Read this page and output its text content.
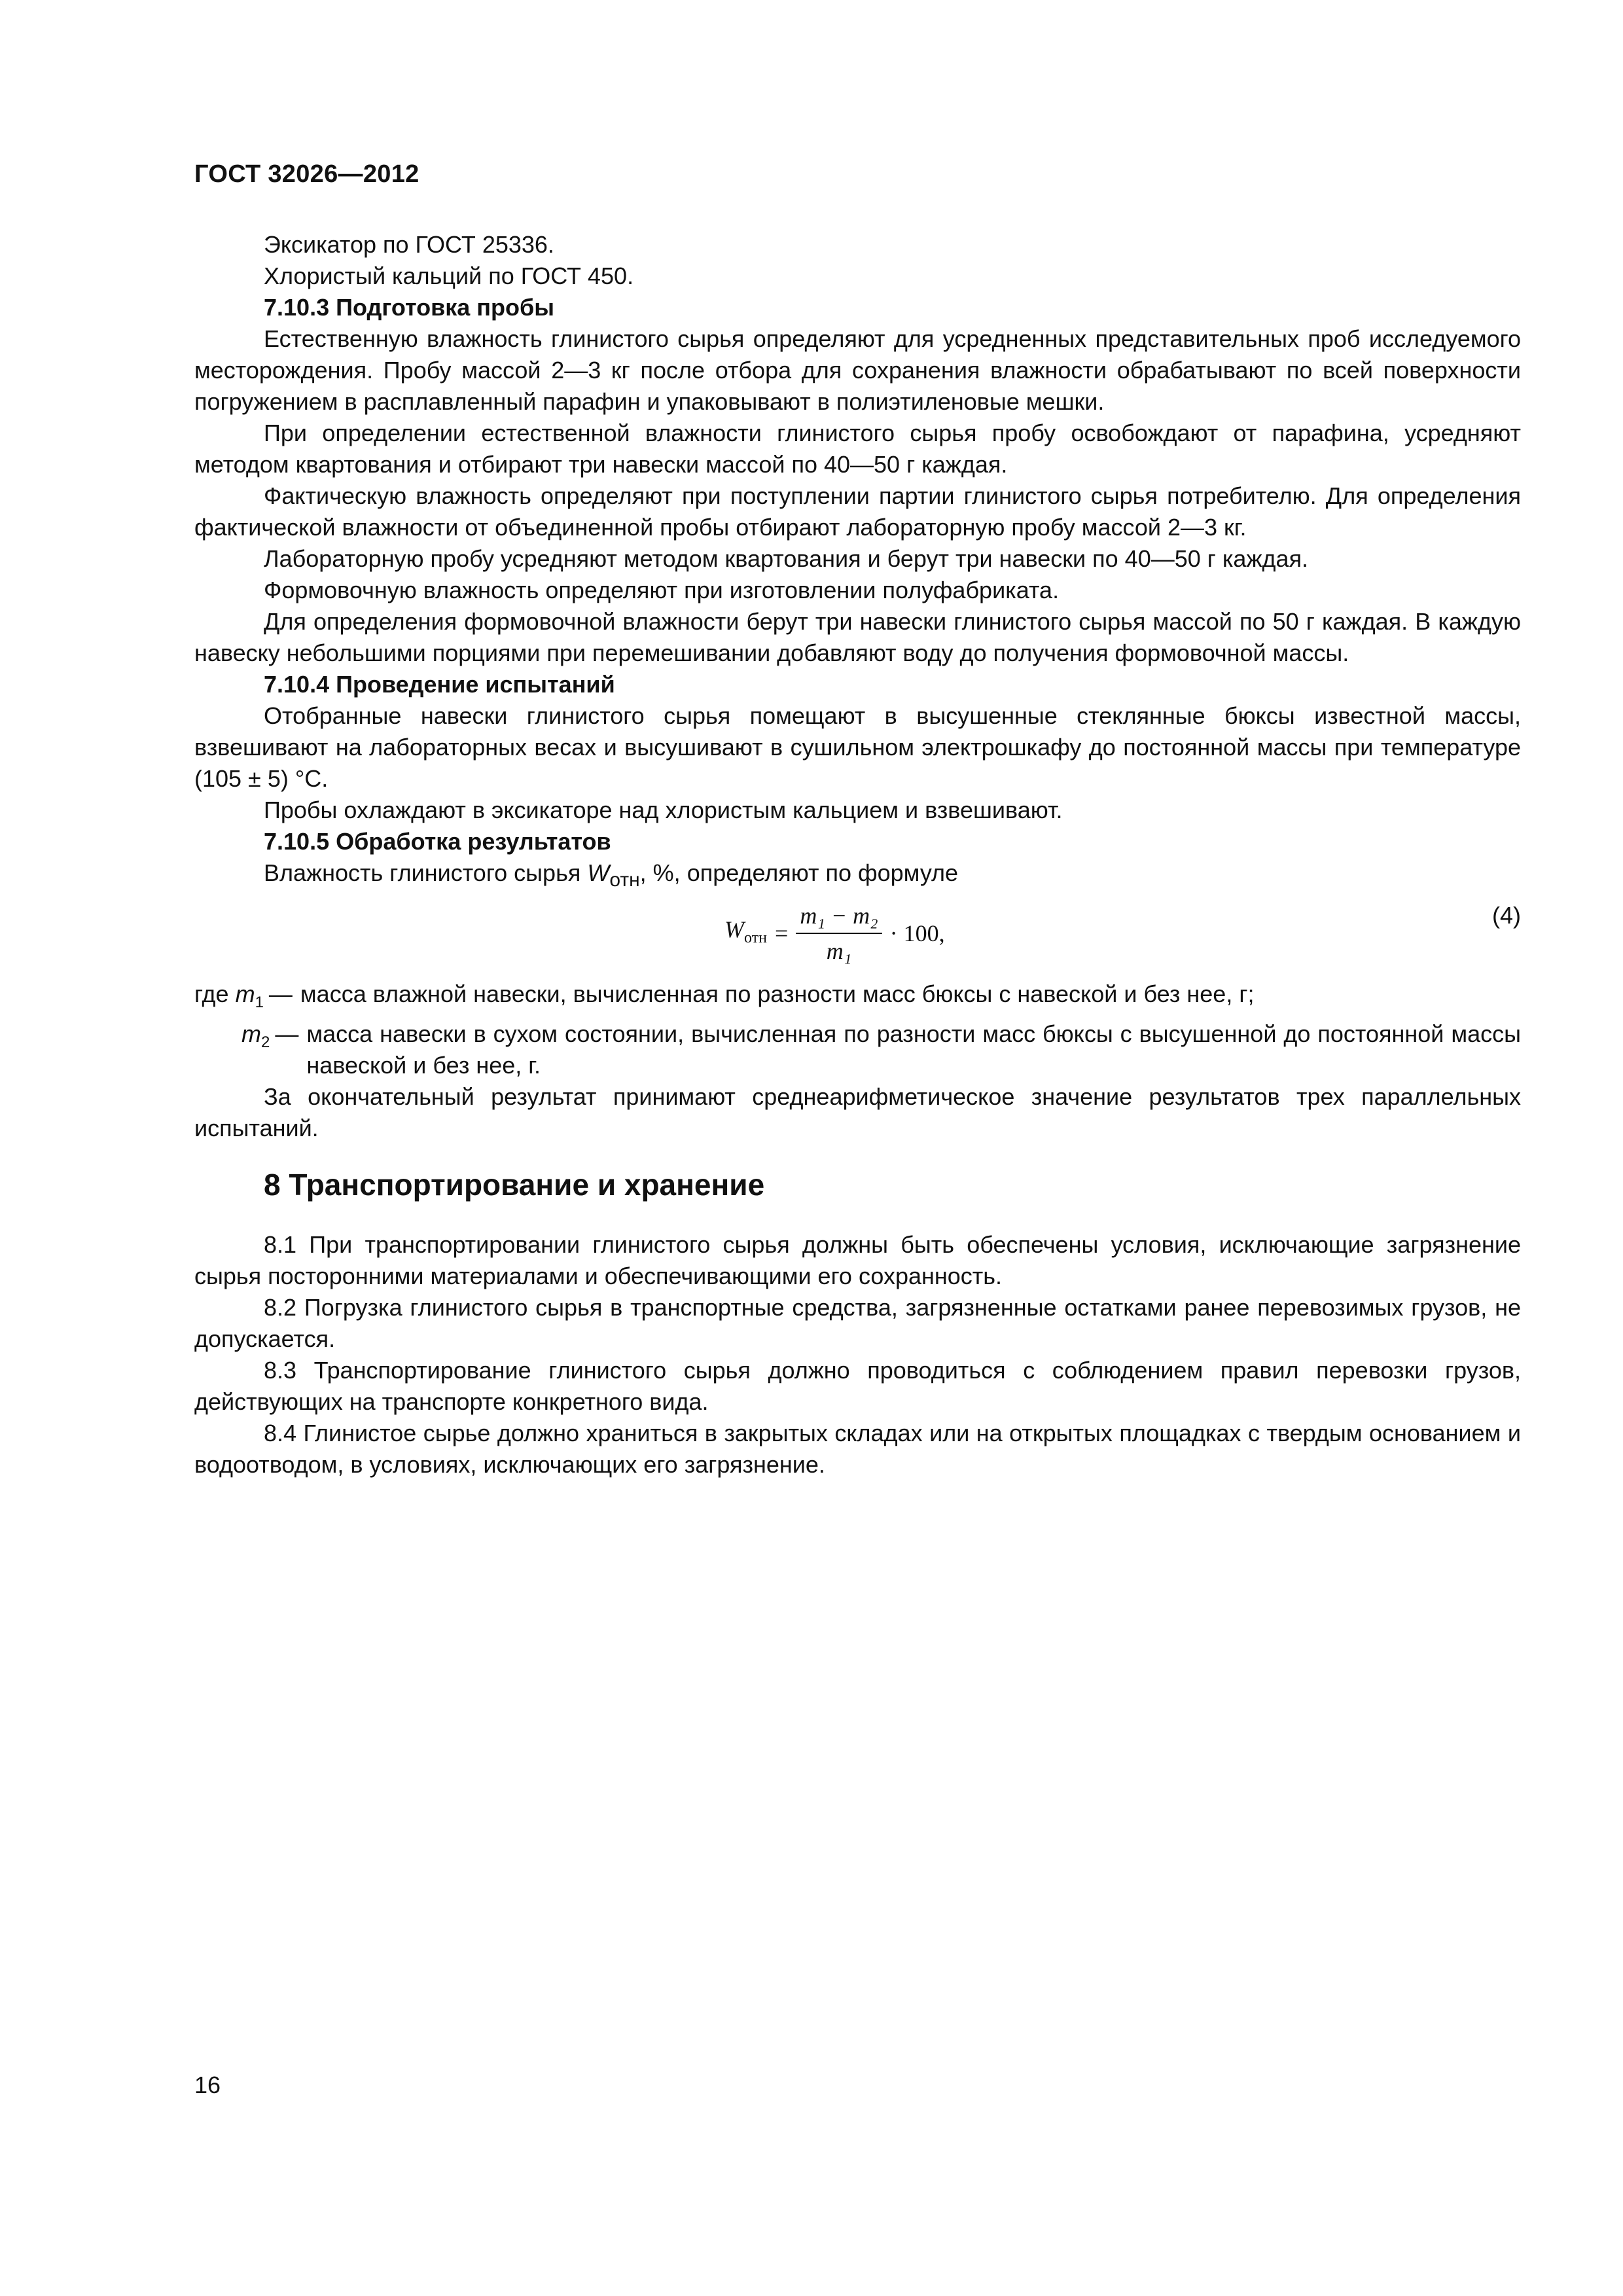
ГОСТ 32026—2012

Эксикатор по ГОСТ 25336.

Хлористый кальций по ГОСТ 450.

7.10.3 Подготовка пробы

Естественную влажность глинистого сырья определяют для усредненных представительных проб исследуемого месторождения. Пробу массой 2—3 кг после отбора для сохранения влажности обрабатывают по всей поверхности погружением в расплавленный парафин и упаковывают в полиэтиленовые мешки.

При определении естественной влажности глинистого сырья пробу освобождают от парафина, усредняют методом квартования и отбирают три навески массой по 40—50 г каждая.

Фактическую влажность определяют при поступлении партии глинистого сырья потребителю. Для определения фактической влажности от объединенной пробы отбирают лабораторную пробу массой 2—3 кг.

Лабораторную пробу усредняют методом квартования и берут три навески по 40—50 г каждая.

Формовочную влажность определяют при изготовлении полуфабриката.

Для определения формовочной влажности берут три навески глинистого сырья массой по 50 г каждая. В каждую навеску небольшими порциями при перемешивании добавляют воду до получения формовочной массы.

7.10.4 Проведение испытаний

Отобранные навески глинистого сырья помещают в высушенные стеклянные бюксы известной массы, взвешивают на лабораторных весах и высушивают в сушильном электрошкафу до постоянной массы при температуре (105 ± 5) °С.

Пробы охлаждают в эксикаторе над хлористым кальцием и взвешивают.

7.10.5 Обработка результатов

Влажность глинистого сырья $W_{отн}$, %, определяют по формуле

$W_{отн} = \frac{\text{m₁ − m₂}}{\text{m₁}} \cdot 100$,
(4)
где $m_1$ — масса влажной навески, вычисленная по разности масс бюксы с навеской и без нее, г;
$m_2$ — масса навески в сухом состоянии, вычисленная по разности масс бюксы с высушенной до постоянной массы навеской и без нее, г.

За окончательный результат принимают среднеарифметическое значение результатов трех параллельных испытаний.

8 Транспортирование и хранение

8.1 При транспортировании глинистого сырья должны быть обеспечены условия, исключающие загрязнение сырья посторонними материалами и обеспечивающими его сохранность.

8.2 Погрузка глинистого сырья в транспортные средства, загрязненные остатками ранее перевозимых грузов, не допускается.

8.3 Транспортирование глинистого сырья должно проводиться с соблюдением правил перевозки грузов, действующих на транспорте конкретного вида.

8.4 Глинистое сырье должно храниться в закрытых складах или на открытых площадках с твердым основанием и водоотводом, в условиях, исключающих его загрязнение.

16
